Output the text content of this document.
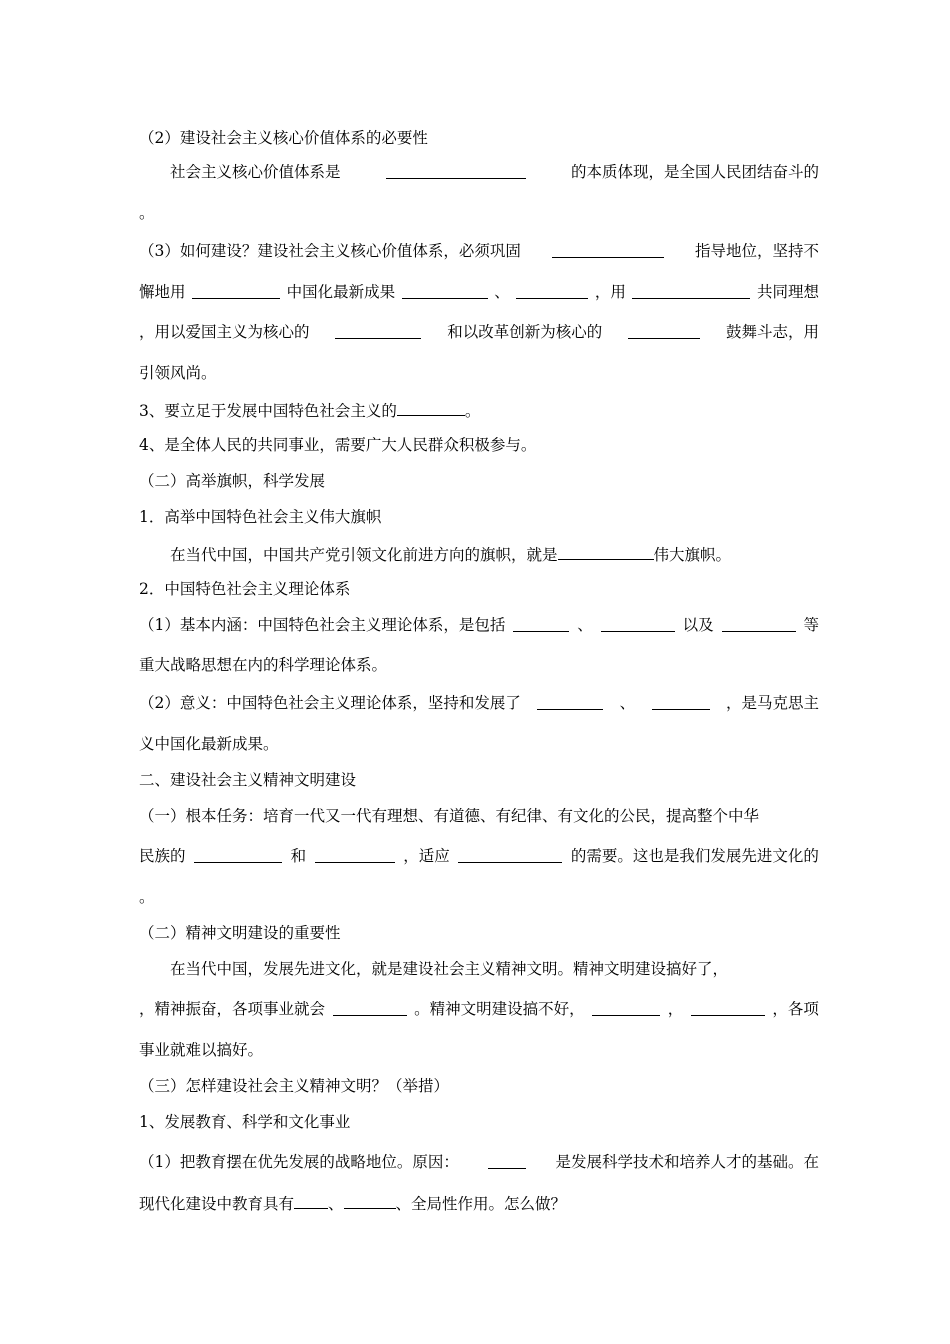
（2）建设社会主义核心价值体系的必要性
社会主义核心价值体系是	的本质体现，是全国人民团结奋斗的
。
（3）如何建设？建设社会主义核心价值体系，必须巩固	指导地位，坚持不
懈地用	中国化最新成果	、	，用	共同理想
，用以爱国主义为核心的	和以改革创新为核心的	鼓舞斗志，用
引领风尚。
3、要立足于发展中国特色社会主义的	。
4、是全体人民的共同事业，需要广大人民群众积极参与。
（二）高举旗帜，科学发展
1．高举中国特色社会主义伟大旗帜
在当代中国，中国共产党引领文化前进方向的旗帜，就是	伟大旗帜。
2．中国特色社会主义理论体系
（1）基本内涵：中国特色社会主义理论体系，是包括	、	以及	等
重大战略思想在内的科学理论体系。
（2）意义：中国特色社会主义理论体系，坚持和发展了	、	，是马克思主
义中国化最新成果。
二、建设社会主义精神文明建设
（一）根本任务：培育一代又一代有理想、有道德、有纪律、有文化的公民，提高整个中华
民族的	和	，适应	的需要。这也是我们发展先进文化的
。
（二）精神文明建设的重要性
在当代中国，发展先进文化，就是建设社会主义精神文明。精神文明建设搞好了，
，精神振奋，各项事业就会	。精神文明建设搞不好，	，	，各项
事业就难以搞好。
（三）怎样建设社会主义精神文明？（举措）
1、发展教育、科学和文化事业
（1）把教育摆在优先发展的战略地位。原因：	是发展科学技术和培养人才的基础。在
现代化建设中教育具有 、	、全局性作用。怎么做？
